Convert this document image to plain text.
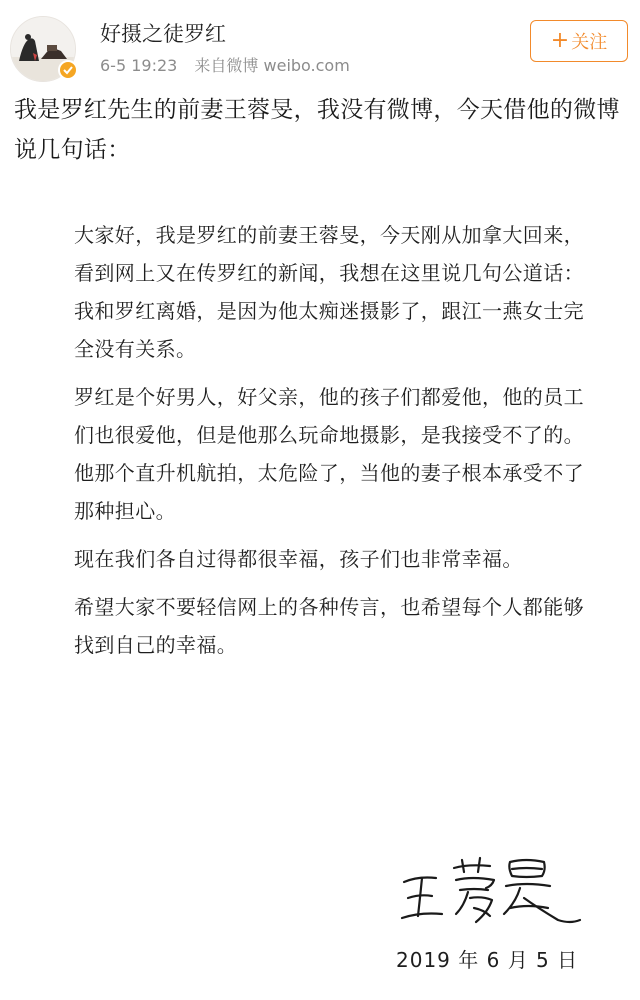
好摄之徒罗红
6-5 19:23 来自微博 weibo.com
+ 关注

我是罗红先生的前妻王蓉旻，我没有微博，今天借他的微博说几句话：

大家好，我是罗红的前妻王蓉旻，今天刚从加拿大回来，看到网上又在传罗红的新闻，我想在这里说几句公道话：我和罗红离婚，是因为他太痴迷摄影了，跟江一燕女士完全没有关系。

罗红是个好男人，好父亲，他的孩子们都爱他，他的员工们也很爱他，但是他那么玩命地摄影，是我接受不了的。他那个直升机航拍，太危险了，当他的妻子根本承受不了那种担心。

现在我们各自过得都很幸福，孩子们也非常幸福。

希望大家不要轻信网上的各种传言，也希望每个人都能够找到自己的幸福。

2019 年 6 月 5 日
